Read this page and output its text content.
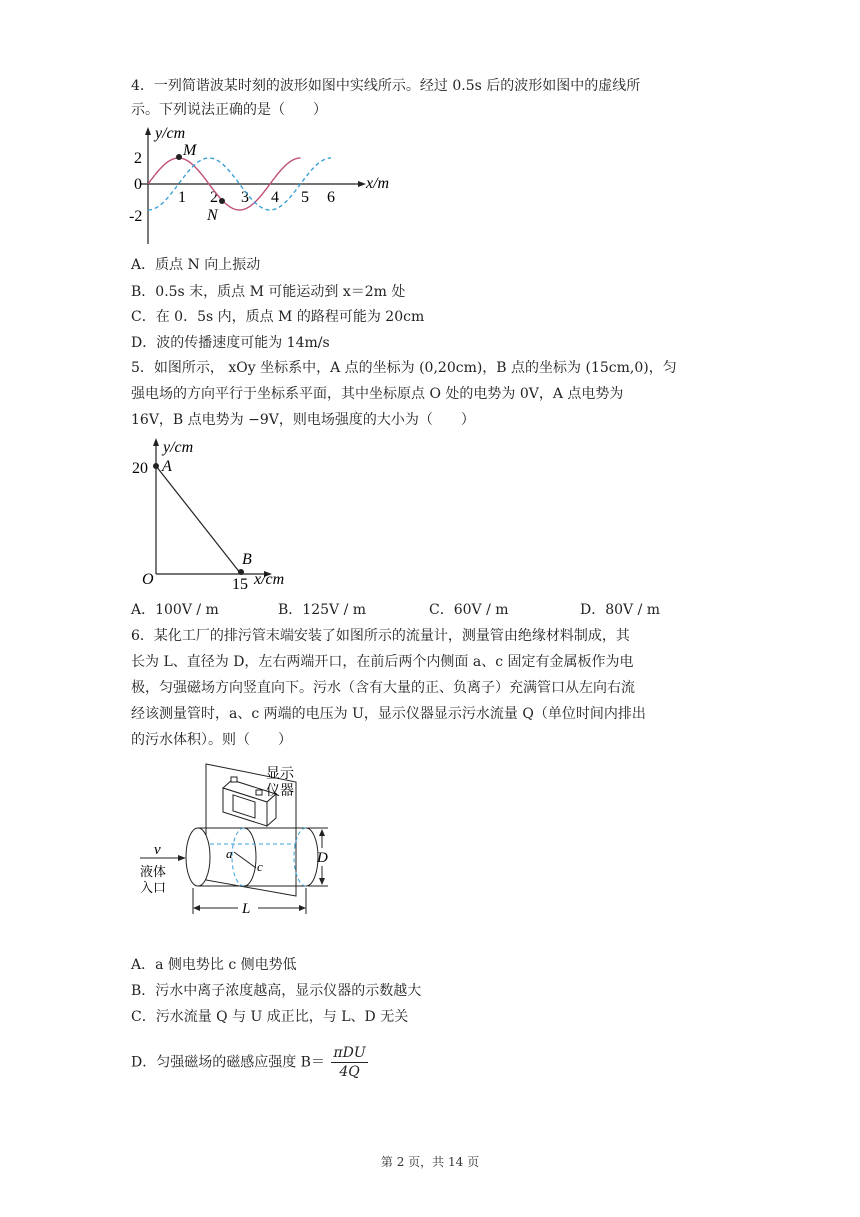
4．一列简谐波某时刻的波形如图中实线所示。经过 0.5s 后的波形如图中的虚线所
示。下列说法正确的是（　　）
y/cm
x/m
2
0
-2
1 2 3 4 5 6
M
N
A．质点 N 向上振动
B．0.5s 末，质点 M 可能运动到 x＝2m 处
C．在 0．5s 内，质点 M 的路程可能为 20cm
D．波的传播速度可能为 14m/s
5．如图所示， xOy 坐标系中，A 点的坐标为 (0,20cm)，B 点的坐标为 (15cm,0)，匀
强电场的方向平行于坐标系平面，其中坐标原点 O 处的电势为 0V，A 点电势为
16V，B 点电势为 −9V，则电场强度的大小为（　　）
y/cm
x/cm
20 A
O	15
B
A．100V / m	B．125V / m	C．60V / m	D．80V / m
6．某化工厂的排污管末端安装了如图所示的流量计，测量管由绝缘材料制成，其
长为 L、直径为 D，左右两端开口，在前后两个内侧面 a、c 固定有金属板作为电
极，匀强磁场方向竖直向下。污水（含有大量的正、负离子）充满管口从左向右流
经该测量管时，a、c 两端的电压为 U，显示仪器显示污水流量 Q（单位时间内排出
的污水体积）。则（　　）
显示
仪器
a
c
v
液体
入口
D
L
A．a 侧电势比 c 侧电势低
B．污水中离子浓度越高，显示仪器的示数越大
C．污水流量 Q 与 U 成正比，与 L、D 无关
D．匀强磁场的磁感应强度 B＝
πDU
4Q
第 2 页，共 14 页
